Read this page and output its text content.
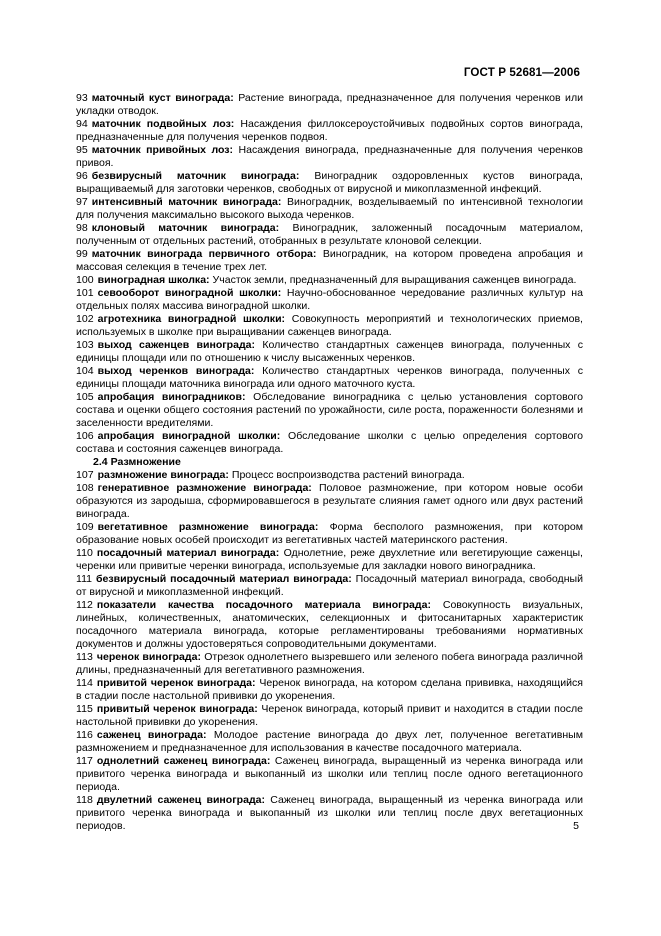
ГОСТ Р 52681—2006

93 маточный куст винограда: Растение винограда, предназначенное для получения черенков или укладки отводок.

94 маточник подвойных лоз: Насаждения филлоксероустойчивых подвойных сортов винограда, предназначенные для получения черенков подвоя.

95 маточник привойных лоз: Насаждения винограда, предназначенные для получения черенков привоя.

96 безвирусный маточник винограда: Виноградник оздоровленных кустов винограда, выращиваемый для заготовки черенков, свободных от вирусной и микоплазменной инфекций.

97 интенсивный маточник винограда: Виноградник, возделываемый по интенсивной технологии для получения максимально высокого выхода черенков.

98 клоновый маточник винограда: Виноградник, заложенный посадочным материалом, полученным от отдельных растений, отобранных в результате клоновой селекции.

99 маточник винограда первичного отбора: Виноградник, на котором проведена апробация и массовая селекция в течение трех лет.

100 виноградная школка: Участок земли, предназначенный для выращивания саженцев винограда.

101 севооборот виноградной школки: Научно-обоснованное чередование различных культур на отдельных полях массива виноградной школки.

102 агротехника виноградной школки: Совокупность мероприятий и технологических приемов, используемых в школке при выращивании саженцев винограда.

103 выход саженцев винограда: Количество стандартных саженцев винограда, полученных с единицы площади или по отношению к числу высаженных черенков.

104 выход черенков винограда: Количество стандартных черенков винограда, полученных с единицы площади маточника винограда или одного маточного куста.

105 апробация виноградников: Обследование виноградника с целью установления сортового состава и оценки общего состояния растений по урожайности, силе роста, пораженности болезнями и заселенности вредителями.

106 апробация виноградной школки: Обследование школки с целью определения сортового состава и состояния саженцев винограда.

2.4 Размножение

107 размножение винограда: Процесс воспроизводства растений винограда.

108 генеративное размножение винограда: Половое размножение, при котором новые особи образуются из зародыша, сформировавшегося в результате слияния гамет одного или двух растений винограда.

109 вегетативное размножение винограда: Форма бесполого размножения, при котором образование новых особей происходит из вегетативных частей материнского растения.

110 посадочный материал винограда: Однолетние, реже двухлетние или вегетирующие саженцы, черенки или привитые черенки винограда, используемые для закладки нового виноградника.

111 безвирусный посадочный материал винограда: Посадочный материал винограда, свободный от вирусной и микоплазменной инфекций.

112 показатели качества посадочного материала винограда: Совокупность визуальных, линейных, количественных, анатомических, селекционных и фитосанитарных характеристик посадочного материала винограда, которые регламентированы требованиями нормативных документов и должны удостоверяться сопроводительными документами.

113 черенок винограда: Отрезок однолетнего вызревшего или зеленого побега винограда различной длины, предназначенный для вегетативного размножения.

114 привитой черенок винограда: Черенок винограда, на котором сделана прививка, находящийся в стадии после настольной прививки до укоренения.

115 привитый черенок винограда: Черенок винограда, который привит и находится в стадии после настольной прививки до укоренения.

116 саженец винограда: Молодое растение винограда до двух лет, полученное вегетативным размножением и предназначенное для использования в качестве посадочного материала.

117 однолетний саженец винограда: Саженец винограда, выращенный из черенка винограда или привитого черенка винограда и выкопанный из школки или теплиц после одного вегетационного периода.

118 двулетний саженец винограда: Саженец винограда, выращенный из черенка винограда или привитого черенка винограда и выкопанный из школки или теплиц после двух вегетационных периодов.	5
